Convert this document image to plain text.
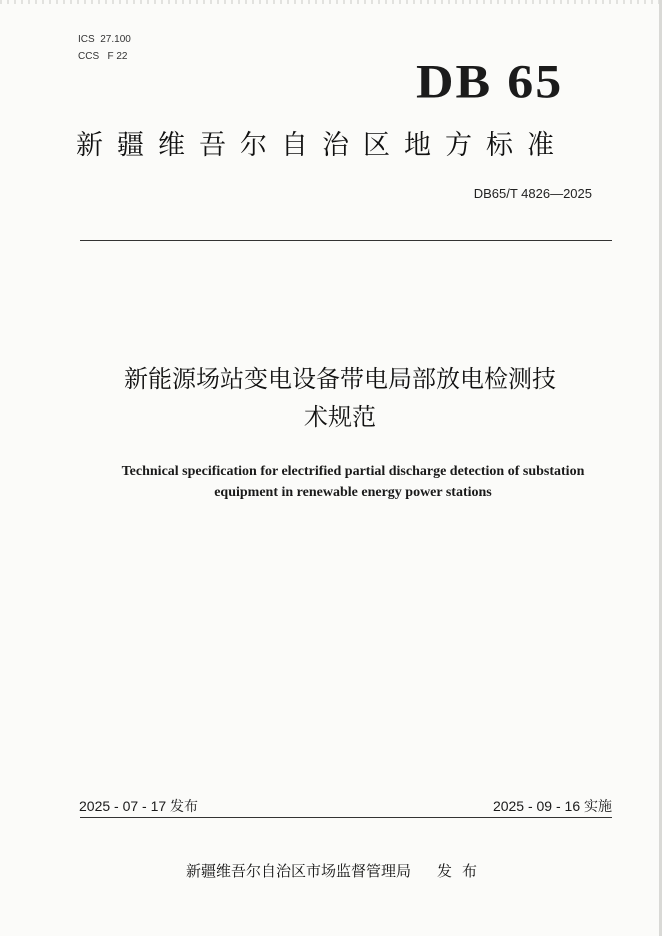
ICS  27.100
CCS   F 22	DB 65
新疆维吾尔自治区地方标准
DB65/T 4826—2025
新能源场站变电设备带电局部放电检测技
术规范
Technical specification for electrified partial discharge detection of substation
equipment in renewable energy power stations
2025 - 07 - 17 发布	2025 - 09 - 16 实施
新疆维吾尔自治区市场监督管理局 发布
